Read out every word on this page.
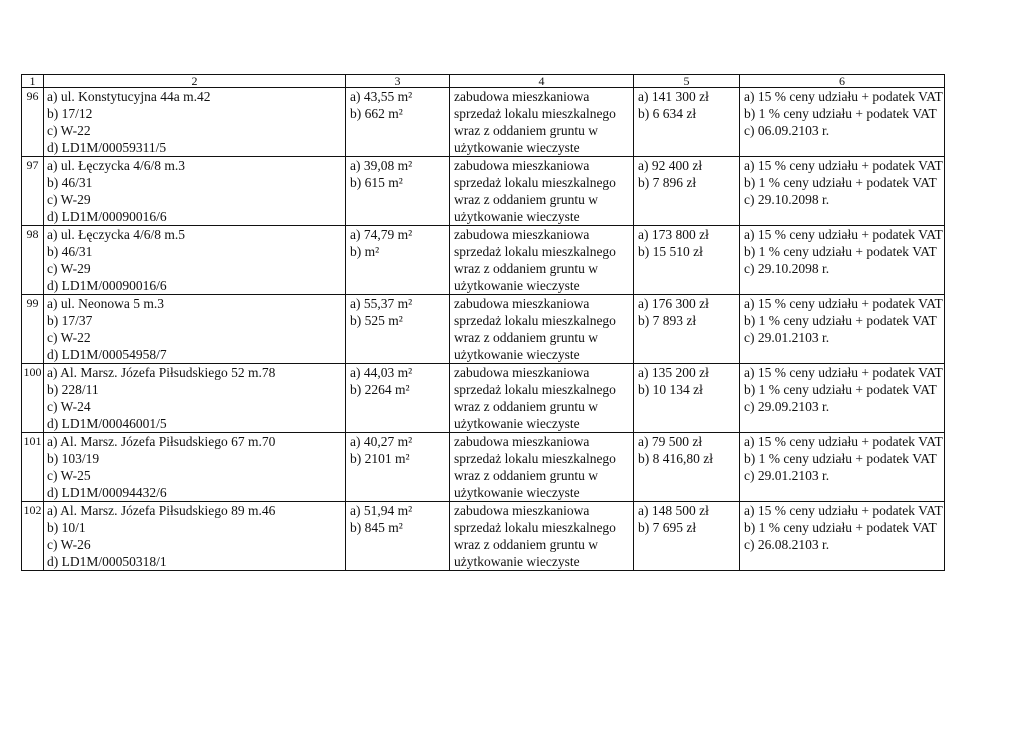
1	2	3	4	5	6
96	a) ul. Konstytucyjna 44a m.42
b) 17/12
c) W-22
d) LD1M/00059311/5	a) 43,55 m²
b) 662 m²	zabudowa mieszkaniowa
sprzedaż lokalu mieszkalnego
wraz z oddaniem gruntu w
użytkowanie wieczyste	a) 141 300 zł
b) 6 634 zł	a) 15 % ceny udziału + podatek VAT
b) 1 % ceny udziału + podatek VAT
c) 06.09.2103 r.

97	a) ul. Łęczycka 4/6/8 m.3
b) 46/31
c) W-29
d) LD1M/00090016/6	a) 39,08 m²
b) 615 m²	zabudowa mieszkaniowa
sprzedaż lokalu mieszkalnego
wraz z oddaniem gruntu w
użytkowanie wieczyste	a) 92 400 zł
b) 7 896 zł	a) 15 % ceny udziału + podatek VAT
b) 1 % ceny udziału + podatek VAT
c) 29.10.2098 r.

98	a) ul. Łęczycka 4/6/8 m.5
b) 46/31
c) W-29
d) LD1M/00090016/6	a) 74,79 m²
b) m²	zabudowa mieszkaniowa
sprzedaż lokalu mieszkalnego
wraz z oddaniem gruntu w
użytkowanie wieczyste	a) 173 800 zł
b) 15 510 zł	a) 15 % ceny udziału + podatek VAT
b) 1 % ceny udziału + podatek VAT
c) 29.10.2098 r.

99	a) ul. Neonowa 5 m.3
b) 17/37
c) W-22
d) LD1M/00054958/7	a) 55,37 m²
b) 525 m²	zabudowa mieszkaniowa
sprzedaż lokalu mieszkalnego
wraz z oddaniem gruntu w
użytkowanie wieczyste	a) 176 300 zł
b) 7 893 zł	a) 15 % ceny udziału + podatek VAT
b) 1 % ceny udziału + podatek VAT
c) 29.01.2103 r.

100	a) Al. Marsz. Józefa Piłsudskiego 52 m.78
b) 228/11
c) W-24
d) LD1M/00046001/5	a) 44,03 m²
b) 2264 m²	zabudowa mieszkaniowa
sprzedaż lokalu mieszkalnego
wraz z oddaniem gruntu w
użytkowanie wieczyste	a) 135 200 zł
b) 10 134 zł	a) 15 % ceny udziału + podatek VAT
b) 1 % ceny udziału + podatek VAT
c) 29.09.2103 r.

101	a) Al. Marsz. Józefa Piłsudskiego 67 m.70
b) 103/19
c) W-25
d) LD1M/00094432/6	a) 40,27 m²
b) 2101 m²	zabudowa mieszkaniowa
sprzedaż lokalu mieszkalnego
wraz z oddaniem gruntu w
użytkowanie wieczyste	a) 79 500 zł
b) 8 416,80 zł	a) 15 % ceny udziału + podatek VAT
b) 1 % ceny udziału + podatek VAT
c) 29.01.2103 r.

102	a) Al. Marsz. Józefa Piłsudskiego 89 m.46
b) 10/1
c) W-26
d) LD1M/00050318/1	a) 51,94 m²
b) 845 m²	zabudowa mieszkaniowa
sprzedaż lokalu mieszkalnego
wraz z oddaniem gruntu w
użytkowanie wieczyste	a) 148 500 zł
b) 7 695 zł	a) 15 % ceny udziału + podatek VAT
b) 1 % ceny udziału + podatek VAT
c) 26.08.2103 r.
